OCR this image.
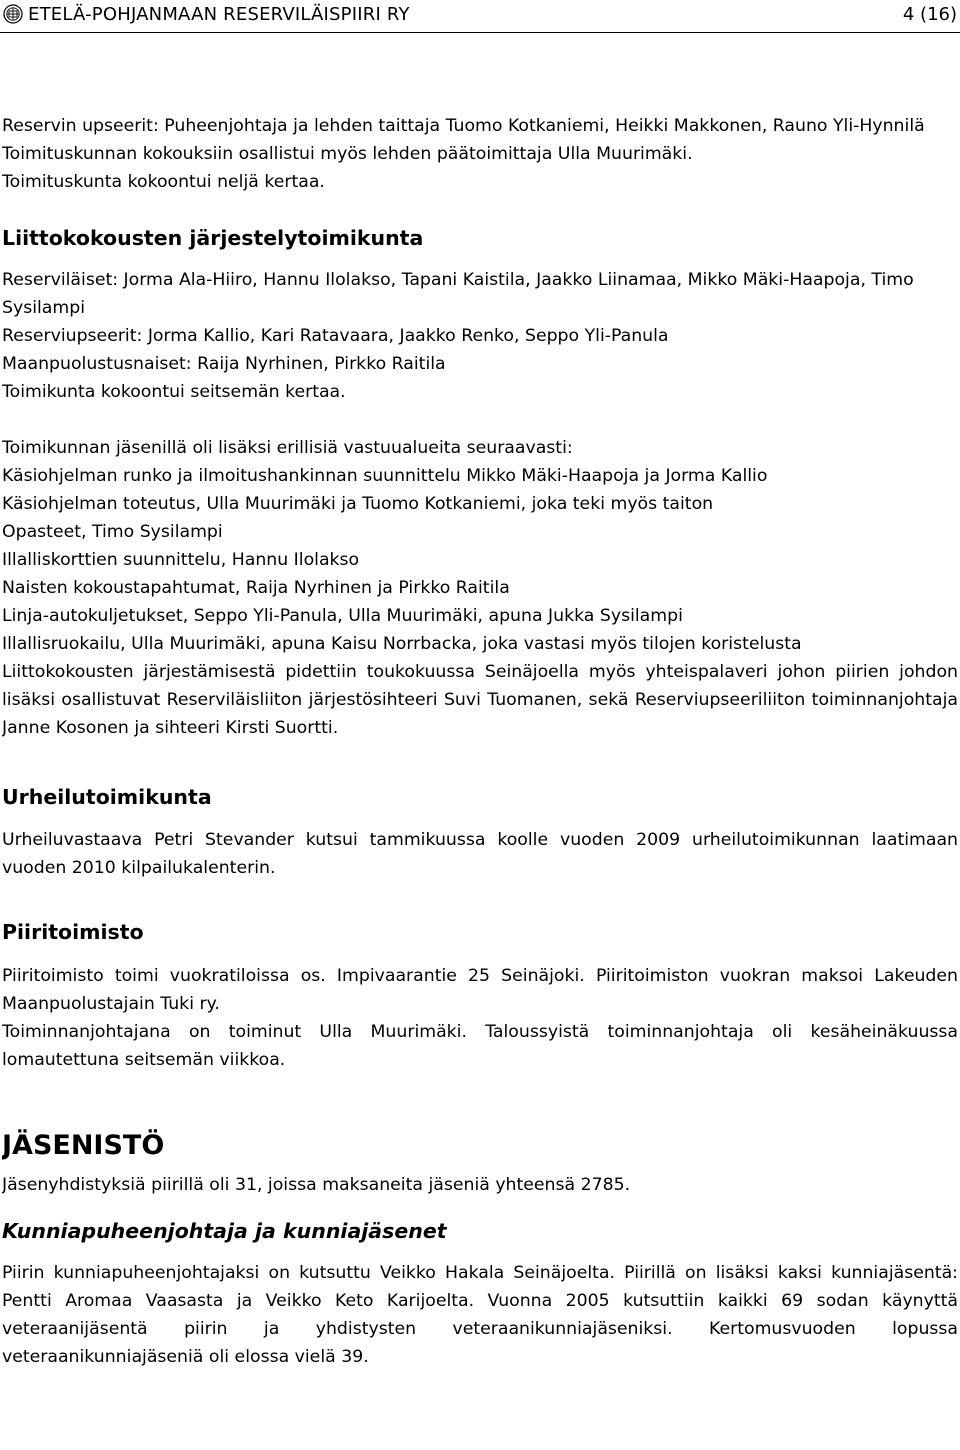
ETELÄ-POHJANMAAN RESERVILÄISPIIRI RY	4 (16)

Reservin upseerit: Puheenjohtaja ja lehden taittaja Tuomo Kotkaniemi, Heikki Makkonen, Rauno Yli-Hynnilä

Toimituskunnan kokouksiin osallistui myös lehden päätoimittaja Ulla Muurimäki.

Toimituskunta kokoontui neljä kertaa.

Liittokokousten järjestelytoimikunta

Reserviläiset: Jorma Ala-Hiiro, Hannu Ilolakso, Tapani Kaistila, Jaakko Liinamaa, Mikko Mäki-Haapoja, Timo Sysilampi

Reserviupseerit: Jorma Kallio, Kari Ratavaara, Jaakko Renko, Seppo Yli-Panula

Maanpuolustusnaiset: Raija Nyrhinen, Pirkko Raitila

Toimikunta kokoontui seitsemän kertaa.

Toimikunnan jäsenillä oli lisäksi erillisiä vastuualueita seuraavasti:

Käsiohjelman runko ja ilmoitushankinnan suunnittelu Mikko Mäki-Haapoja ja Jorma Kallio

Käsiohjelman toteutus, Ulla Muurimäki ja Tuomo Kotkaniemi, joka teki myös taiton

Opasteet, Timo Sysilampi

Illalliskorttien suunnittelu, Hannu Ilolakso

Naisten kokoustapahtumat, Raija Nyrhinen ja Pirkko Raitila

Linja-autokuljetukset, Seppo Yli-Panula, Ulla Muurimäki, apuna Jukka Sysilampi

Illallisruokailu, Ulla Muurimäki, apuna Kaisu Norrbacka, joka vastasi myös tilojen koristelusta

Liittokokousten järjestämisestä pidettiin toukokuussa Seinäjoella myös yhteispalaveri johon piirien johdon lisäksi osallistuvat Reserviläisliiton järjestösihteeri Suvi Tuomanen, sekä Reserviupseeriliiton toiminnanjohtaja Janne Kosonen ja sihteeri Kirsti Suortti.

Urheilutoimikunta

Urheiluvastaava Petri Stevander kutsui tammikuussa koolle vuoden 2009 urheilutoimikunnan laatimaan vuoden 2010 kilpailukalenterin.

Piiritoimisto

Piiritoimisto toimi vuokratiloissa os. Impivaarantie 25 Seinäjoki. Piiritoimiston vuokran maksoi Lakeuden Maanpuolustajain Tuki ry.

Toiminnanjohtajana on toiminut Ulla Muurimäki. Taloussyistä toiminnanjohtaja oli kesäheinäkuussa lomautettuna seitsemän viikkoa.

JÄSENISTÖ

Jäsenyhdistyksiä piirillä oli 31, joissa maksaneita jäseniä yhteensä 2785.

Kunniapuheenjohtaja ja kunniajäsenet

Piirin kunniapuheenjohtajaksi on kutsuttu Veikko Hakala Seinäjoelta. Piirillä on lisäksi kaksi kunniajäsentä: Pentti Aromaa Vaasasta ja Veikko Keto Karijoelta. Vuonna 2005 kutsuttiin kaikki 69 sodan käynyttä veteraanijäsentä piirin ja yhdistysten veteraanikunniajäseniksi. Kertomusvuoden lopussa veteraanikunniajäseniä oli elossa vielä 39.
